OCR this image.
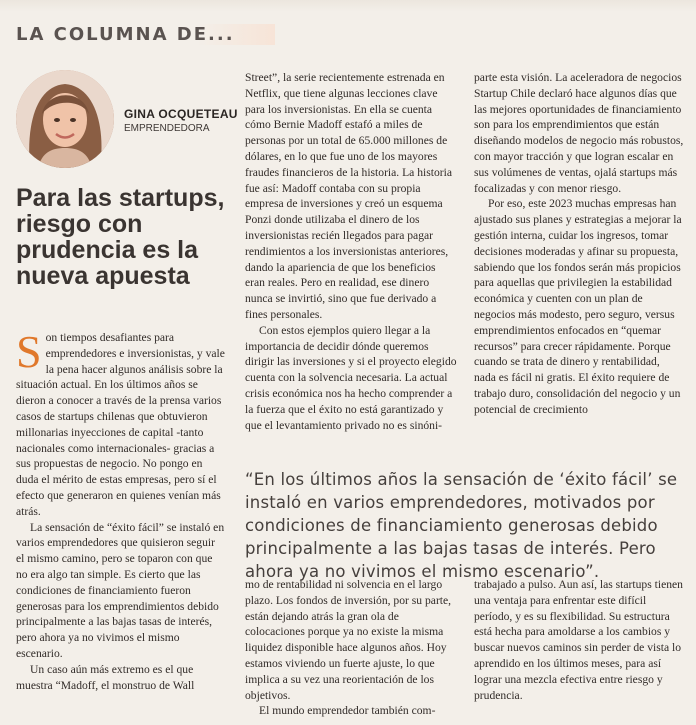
LA COLUMNA DE...
GINA OCQUETEAU
EMPRENDEDORA
Para las startups, riesgo con prudencia es la nueva apuesta

Son tiempos desafiantes para emprendedores e inversionistas, y vale la pena hacer algunos análisis sobre la situación actual. En los últimos años se dieron a conocer a través de la prensa varios casos de startups chilenas que obtuvieron millonarias inyecciones de capital -tanto nacionales como internacionales- gracias a sus propuestas de negocio. No pongo en duda el mérito de estas empresas, pero sí el efecto que generaron en quienes venían más atrás.

La sensación de “éxito fácil” se instaló en varios emprendedores que quisieron seguir el mismo camino, pero se toparon con que no era algo tan simple. Es cierto que las condiciones de financiamiento fueron generosas para los emprendimientos debido principalmente a las bajas tasas de interés, pero ahora ya no vivimos el mismo escenario.

Un caso aún más extremo es el que muestra “Madoff, el monstruo de Wall

Street”, la serie recientemente estrenada en Netflix, que tiene algunas lecciones clave para los inversionistas. En ella se cuenta cómo Bernie Madoff estafó a miles de personas por un total de 65.000 millones de dólares, en lo que fue uno de los mayores fraudes financieros de la historia. La historia fue así: Madoff contaba con su propia empresa de inversiones y creó un esquema Ponzi donde utilizaba el dinero de los inversionistas recién llegados para pagar rendimientos a los inversionistas anteriores, dando la apariencia de que los beneficios eran reales. Pero en realidad, ese dinero nunca se invirtió, sino que fue derivado a fines personales.

Con estos ejemplos quiero llegar a la importancia de decidir dónde queremos dirigir las inversiones y si el proyecto elegido cuenta con la solvencia necesaria. La actual crisis económica nos ha hecho comprender a la fuerza que el éxito no está garantizado y que el levantamiento privado no es sinóni-

parte esta visión. La aceleradora de negocios Startup Chile declaró hace algunos días que las mejores oportunidades de financiamiento son para los emprendimientos que están diseñando modelos de negocio más robustos, con mayor tracción y que logran escalar en sus volúmenes de ventas, ojalá startups más focalizadas y con menor riesgo.

Por eso, este 2023 muchas empresas han ajustado sus planes y estrategias a mejorar la gestión interna, cuidar los ingresos, tomar decisiones moderadas y afinar su propuesta, sabiendo que los fondos serán más propicios para aquellas que privilegien la estabilidad económica y cuenten con un plan de negocios más modesto, pero seguro, versus emprendimientos enfocados en “quemar recursos” para crecer rápidamente. Porque cuando se trata de dinero y rentabilidad, nada es fácil ni gratis. El éxito requiere de trabajo duro, consolidación del negocio y un potencial de crecimiento

“En los últimos años la sensación de ‘éxito fácil’ se instaló en varios emprendedores, motivados por condiciones de financiamiento generosas debido principalmente a las bajas tasas de interés. Pero ahora ya no vivimos el mismo escenario”.

mo de rentabilidad ni solvencia en el largo plazo. Los fondos de inversión, por su parte, están dejando atrás la gran ola de colocaciones porque ya no existe la misma liquidez disponible hace algunos años. Hoy estamos viviendo un fuerte ajuste, lo que implica a su vez una reorientación de los objetivos.

El mundo emprendedor también com-

trabajado a pulso. Aun así, las startups tienen una ventaja para enfrentar este difícil período, y es su flexibilidad. Su estructura está hecha para amoldarse a los cambios y buscar nuevos caminos sin perder de vista lo aprendido en los últimos meses, para así lograr una mezcla efectiva entre riesgo y prudencia.
